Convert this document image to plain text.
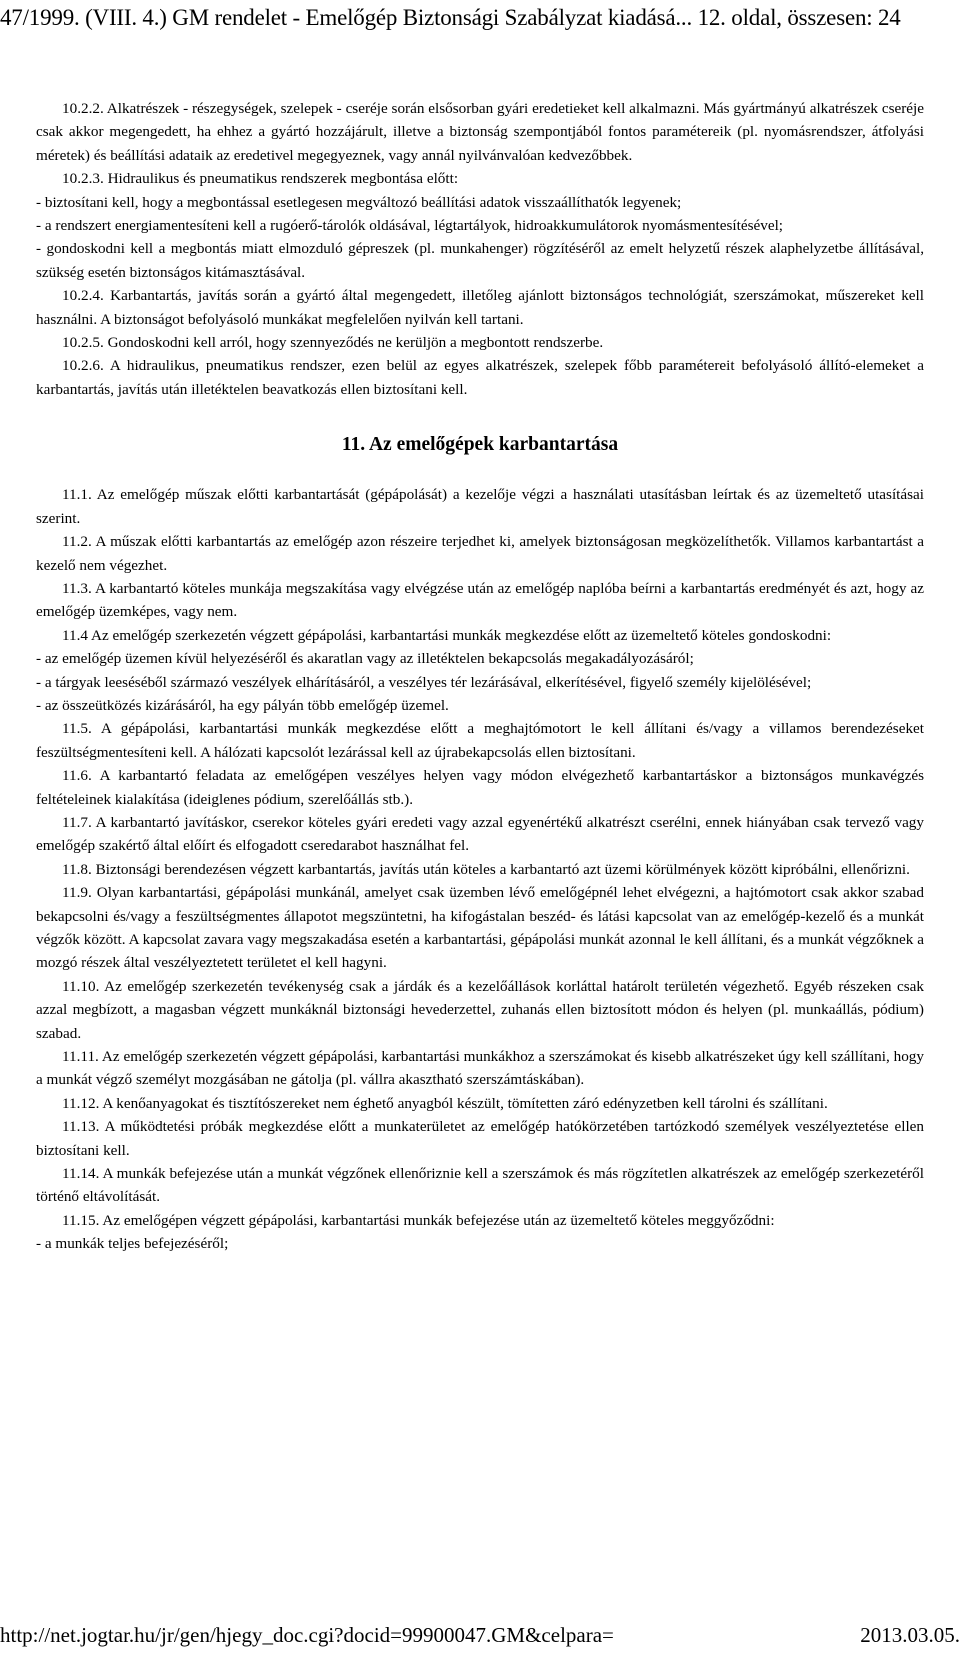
47/1999. (VIII. 4.) GM rendelet - Emelőgép Biztonsági Szabályzat kiadásá... 12. oldal, összesen: 24

10.2.2. Alkatrészek - részegységek, szelepek - cseréje során elsősorban gyári eredetieket kell alkalmazni. Más gyártmányú alkatrészek cseréje csak akkor megengedett, ha ehhez a gyártó hozzájárult, illetve a biztonság szempontjából fontos paramétereik (pl. nyomásrendszer, átfolyási méretek) és beállítási adataik az eredetivel megegyeznek, vagy annál nyilvánvalóan kedvezőbbek.

10.2.3. Hidraulikus és pneumatikus rendszerek megbontása előtt:

- biztosítani kell, hogy a megbontással esetlegesen megváltozó beállítási adatok visszaállíthatók legyenek;

- a rendszert energiamentesíteni kell a rugóerő-tárolók oldásával, légtartályok, hidroakkumulátorok nyomásmentesítésével;

- gondoskodni kell a megbontás miatt elmozduló gépreszek (pl. munkahenger) rögzítéséről az emelt helyzetű részek alaphelyzetbe állításával, szükség esetén biztonságos kitámasztásával.

10.2.4. Karbantartás, javítás során a gyártó által megengedett, illetőleg ajánlott biztonságos technológiát, szerszámokat, műszereket kell használni. A biztonságot befolyásoló munkákat megfelelően nyilván kell tartani.

10.2.5. Gondoskodni kell arról, hogy szennyeződés ne kerüljön a megbontott rendszerbe.

10.2.6. A hidraulikus, pneumatikus rendszer, ezen belül az egyes alkatrészek, szelepek főbb paramétereit befolyásoló állító-elemeket a karbantartás, javítás után illetéktelen beavatkozás ellen biztosítani kell.

11. Az emelőgépek karbantartása

11.1. Az emelőgép műszak előtti karbantartását (gépápolását) a kezelője végzi a használati utasításban leírtak és az üzemeltető utasításai szerint.

11.2. A műszak előtti karbantartás az emelőgép azon részeire terjedhet ki, amelyek biztonságosan megközelíthetők. Villamos karbantartást a kezelő nem végezhet.

11.3. A karbantartó köteles munkája megszakítása vagy elvégzése után az emelőgép naplóba beírni a karbantartás eredményét és azt, hogy az emelőgép üzemképes, vagy nem.

11.4 Az emelőgép szerkezetén végzett gépápolási, karbantartási munkák megkezdése előtt az üzemeltető köteles gondoskodni:

- az emelőgép üzemen kívül helyezéséről és akaratlan vagy az illetéktelen bekapcsolás megakadályozásáról;

- a tárgyak leeséséből származó veszélyek elhárításáról, a veszélyes tér lezárásával, elkerítésével, figyelő személy kijelölésével;

- az összeütközés kizárásáról, ha egy pályán több emelőgép üzemel.

11.5. A gépápolási, karbantartási munkák megkezdése előtt a meghajtómotort le kell állítani és/vagy a villamos berendezéseket feszültségmentesíteni kell. A hálózati kapcsolót lezárással kell az újrabekapcsolás ellen biztosítani.

11.6. A karbantartó feladata az emelőgépen veszélyes helyen vagy módon elvégezhető karbantartáskor a biztonságos munkavégzés feltételeinek kialakítása (ideiglenes pódium, szerelőállás stb.).

11.7. A karbantartó javításkor, cserekor köteles gyári eredeti vagy azzal egyenértékű alkatrészt cserélni, ennek hiányában csak tervező vagy emelőgép szakértő által előírt és elfogadott cseredarabot használhat fel.

11.8. Biztonsági berendezésen végzett karbantartás, javítás után köteles a karbantartó azt üzemi körülmények között kipróbálni, ellenőrizni.

11.9. Olyan karbantartási, gépápolási munkánál, amelyet csak üzemben lévő emelőgépnél lehet elvégezni, a hajtómotort csak akkor szabad bekapcsolni és/vagy a feszültségmentes állapotot megszüntetni, ha kifogástalan beszéd- és látási kapcsolat van az emelőgép-kezelő és a munkát végzők között. A kapcsolat zavara vagy megszakadása esetén a karbantartási, gépápolási munkát azonnal le kell állítani, és a munkát végzőknek a mozgó részek által veszélyeztetett területet el kell hagyni.

11.10. Az emelőgép szerkezetén tevékenység csak a járdák és a kezelőállások korláttal határolt területén végezhető. Egyéb részeken csak azzal megbízott, a magasban végzett munkáknál biztonsági hevederzettel, zuhanás ellen biztosított módon és helyen (pl. munkaállás, pódium) szabad.

11.11. Az emelőgép szerkezetén végzett gépápolási, karbantartási munkákhoz a szerszámokat és kisebb alkatrészeket úgy kell szállítani, hogy a munkát végző személyt mozgásában ne gátolja (pl. vállra akasztható szerszámtáskában).

11.12. A kenőanyagokat és tisztítószereket nem éghető anyagból készült, tömítetten záró edényzetben kell tárolni és szállítani.

11.13. A működtetési próbák megkezdése előtt a munkaterületet az emelőgép hatókörzetében tartózkodó személyek veszélyeztetése ellen biztosítani kell.

11.14. A munkák befejezése után a munkát végzőnek ellenőriznie kell a szerszámok és más rögzítetlen alkatrészek az emelőgép szerkezetéről történő eltávolítását.

11.15. Az emelőgépen végzett gépápolási, karbantartási munkák befejezése után az üzemeltető köteles meggyőződni:

- a munkák teljes befejezéséről;

http://net.jogtar.hu/jr/gen/hjegy_doc.cgi?docid=99900047.GM&celpara=	2013.03.05.
